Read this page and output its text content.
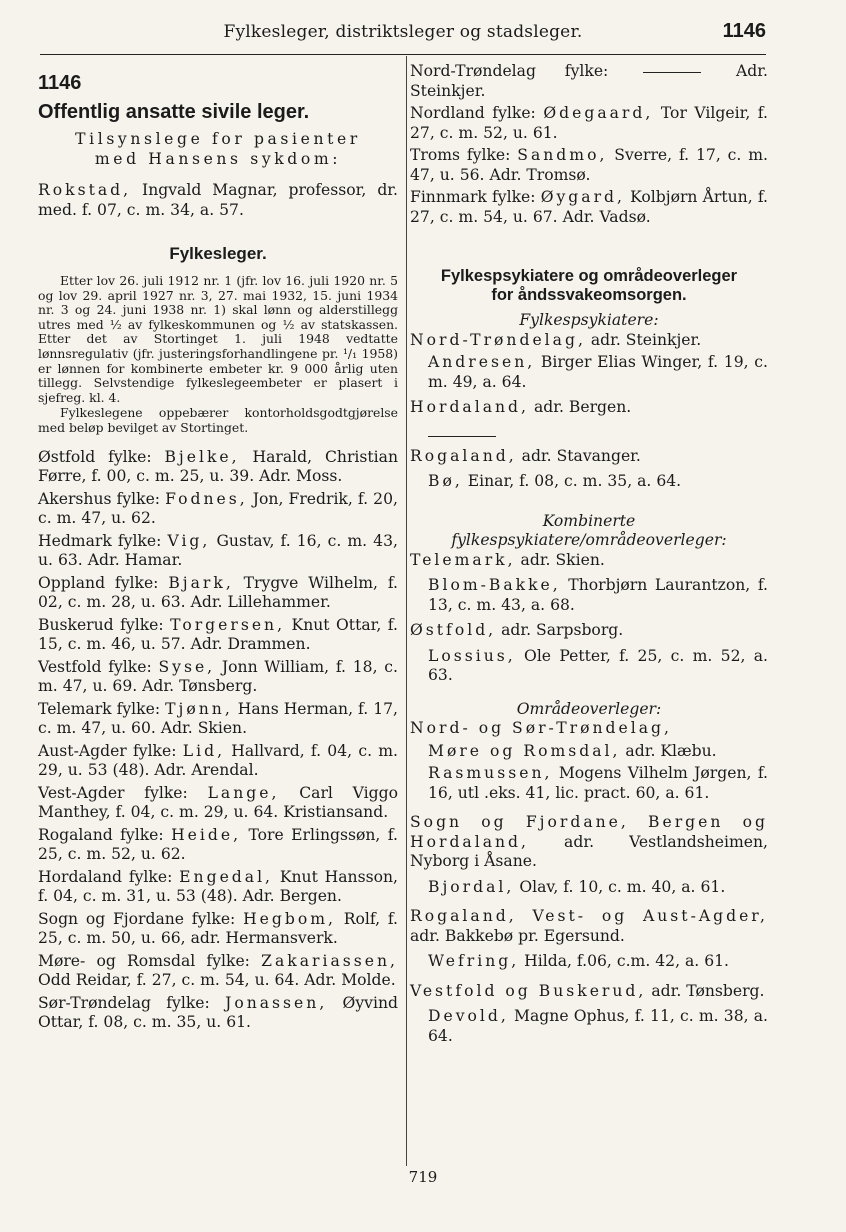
Fylkesleger, distriktsleger og stadsleger.	1146
1146
Offentlig ansatte sivile leger.
Tilsynslege for pasienter
med Hansens sykdom:
Rokstad, Ingvald Magnar, professor, dr. med. f. 07, c. m. 34, a. 57.
Fylkesleger.
Etter lov 26. juli 1912 nr. 1 (jfr. lov 16. juli 1920 nr. 5 og lov 29. april 1927 nr. 3, 27. mai 1932, 15. juni 1934 nr. 3 og 24. juni 1938 nr. 1) skal lønn og alderstillegg utres med ½ av fylkeskommunen og ½ av statskassen. Etter det av Stortinget 1. juli 1948 vedtatte lønnsregulativ (jfr. justeringsforhandlingene pr. ¹/₁ 1958) er lønnen for kombinerte embeter kr. 9 000 årlig uten tillegg. Selvstendige fylkeslegeembeter er plasert i sjefreg. kl. 4.
Fylkeslegene oppebærer kontorholdsgodtgjørelse med beløp bevilget av Stortinget.
Østfold fylke: Bjelke, Harald, Christian Førre, f. 00, c. m. 25, u. 39. Adr. Moss.
Akershus fylke: Fodnes, Jon, Fredrik, f. 20, c. m. 47, u. 62.
Hedmark fylke: Vig, Gustav, f. 16, c. m. 43, u. 63. Adr. Hamar.
Oppland fylke: Bjark, Trygve Wilhelm, f. 02, c. m. 28, u. 63. Adr. Lillehammer.
Buskerud fylke: Torgersen, Knut Ottar, f. 15, c. m. 46, u. 57. Adr. Drammen.
Vestfold fylke: Syse, Jonn William, f. 18, c. m. 47, u. 69. Adr. Tønsberg.
Telemark fylke: Tjønn, Hans Herman, f. 17, c. m. 47, u. 60. Adr. Skien.
Aust-Agder fylke: Lid, Hallvard, f. 04, c. m. 29, u. 53 (48). Adr. Arendal.
Vest-Agder fylke: Lange, Carl Viggo Manthey, f. 04, c. m. 29, u. 64. Kristiansand.
Rogaland fylke: Heide, Tore Erlingssøn, f. 25, c. m. 52, u. 62.
Hordaland fylke: Engedal, Knut Hansson, f. 04, c. m. 31, u. 53 (48). Adr. Bergen.
Sogn og Fjordane fylke: Hegbom, Rolf, f. 25, c. m. 50, u. 66, adr. Hermansverk.
Møre- og Romsdal fylke: Zakariassen, Odd Reidar, f. 27, c. m. 54, u. 64. Adr. Molde.
Sør-Trøndelag fylke: Jonassen, Øyvind Ottar, f. 08, c. m. 35, u. 61.
Nord-Trøndelag fylke:	Adr. Steinkjer.
Nordland fylke: Ødegaard, Tor Vilgeir, f. 27, c. m. 52, u. 61.
Troms fylke: Sandmo, Sverre, f. 17, c. m. 47, u. 56. Adr. Tromsø.
Finnmark fylke: Øygard, Kolbjørn Årtun, f. 27, c. m. 54, u. 67. Adr. Vadsø.
Fylkespsykiatere og områdeoverleger
for åndssvakeomsorgen.
Fylkespsykiatere:
Nord-Trøndelag, adr. Steinkjer.
Andresen, Birger Elias Winger, f. 19, c. m. 49, a. 64.
Hordaland, adr. Bergen.
Rogaland, adr. Stavanger.
Bø, Einar, f. 08, c. m. 35, a. 64.
Kombinerte fylkespsykiatere/områdeoverleger:
Telemark, adr. Skien.
Blom-Bakke, Thorbjørn Laurantzon, f. 13, c. m. 43, a. 68.
Østfold, adr. Sarpsborg.
Lossius, Ole Petter, f. 25, c. m. 52, a. 63.
Områdeoverleger:
Nord- og Sør-Trøndelag,
Møre og Romsdal, adr. Klæbu.
Rasmussen, Mogens Vilhelm Jørgen, f. 16, utl .eks. 41, lic. pract. 60, a. 61.
Sogn og Fjordane, Bergen og Hordaland, adr. Vestlandsheimen, Nyborg i Åsane.
Bjordal, Olav, f. 10, c. m. 40, a. 61.
Rogaland, Vest- og Aust-Agder, adr. Bakkebø pr. Egersund.
Wefring, Hilda, f.06, c.m. 42, a. 61.
Vestfold og Buskerud, adr. Tønsberg.
Devold, Magne Ophus, f. 11, c. m. 38, a. 64.
719
